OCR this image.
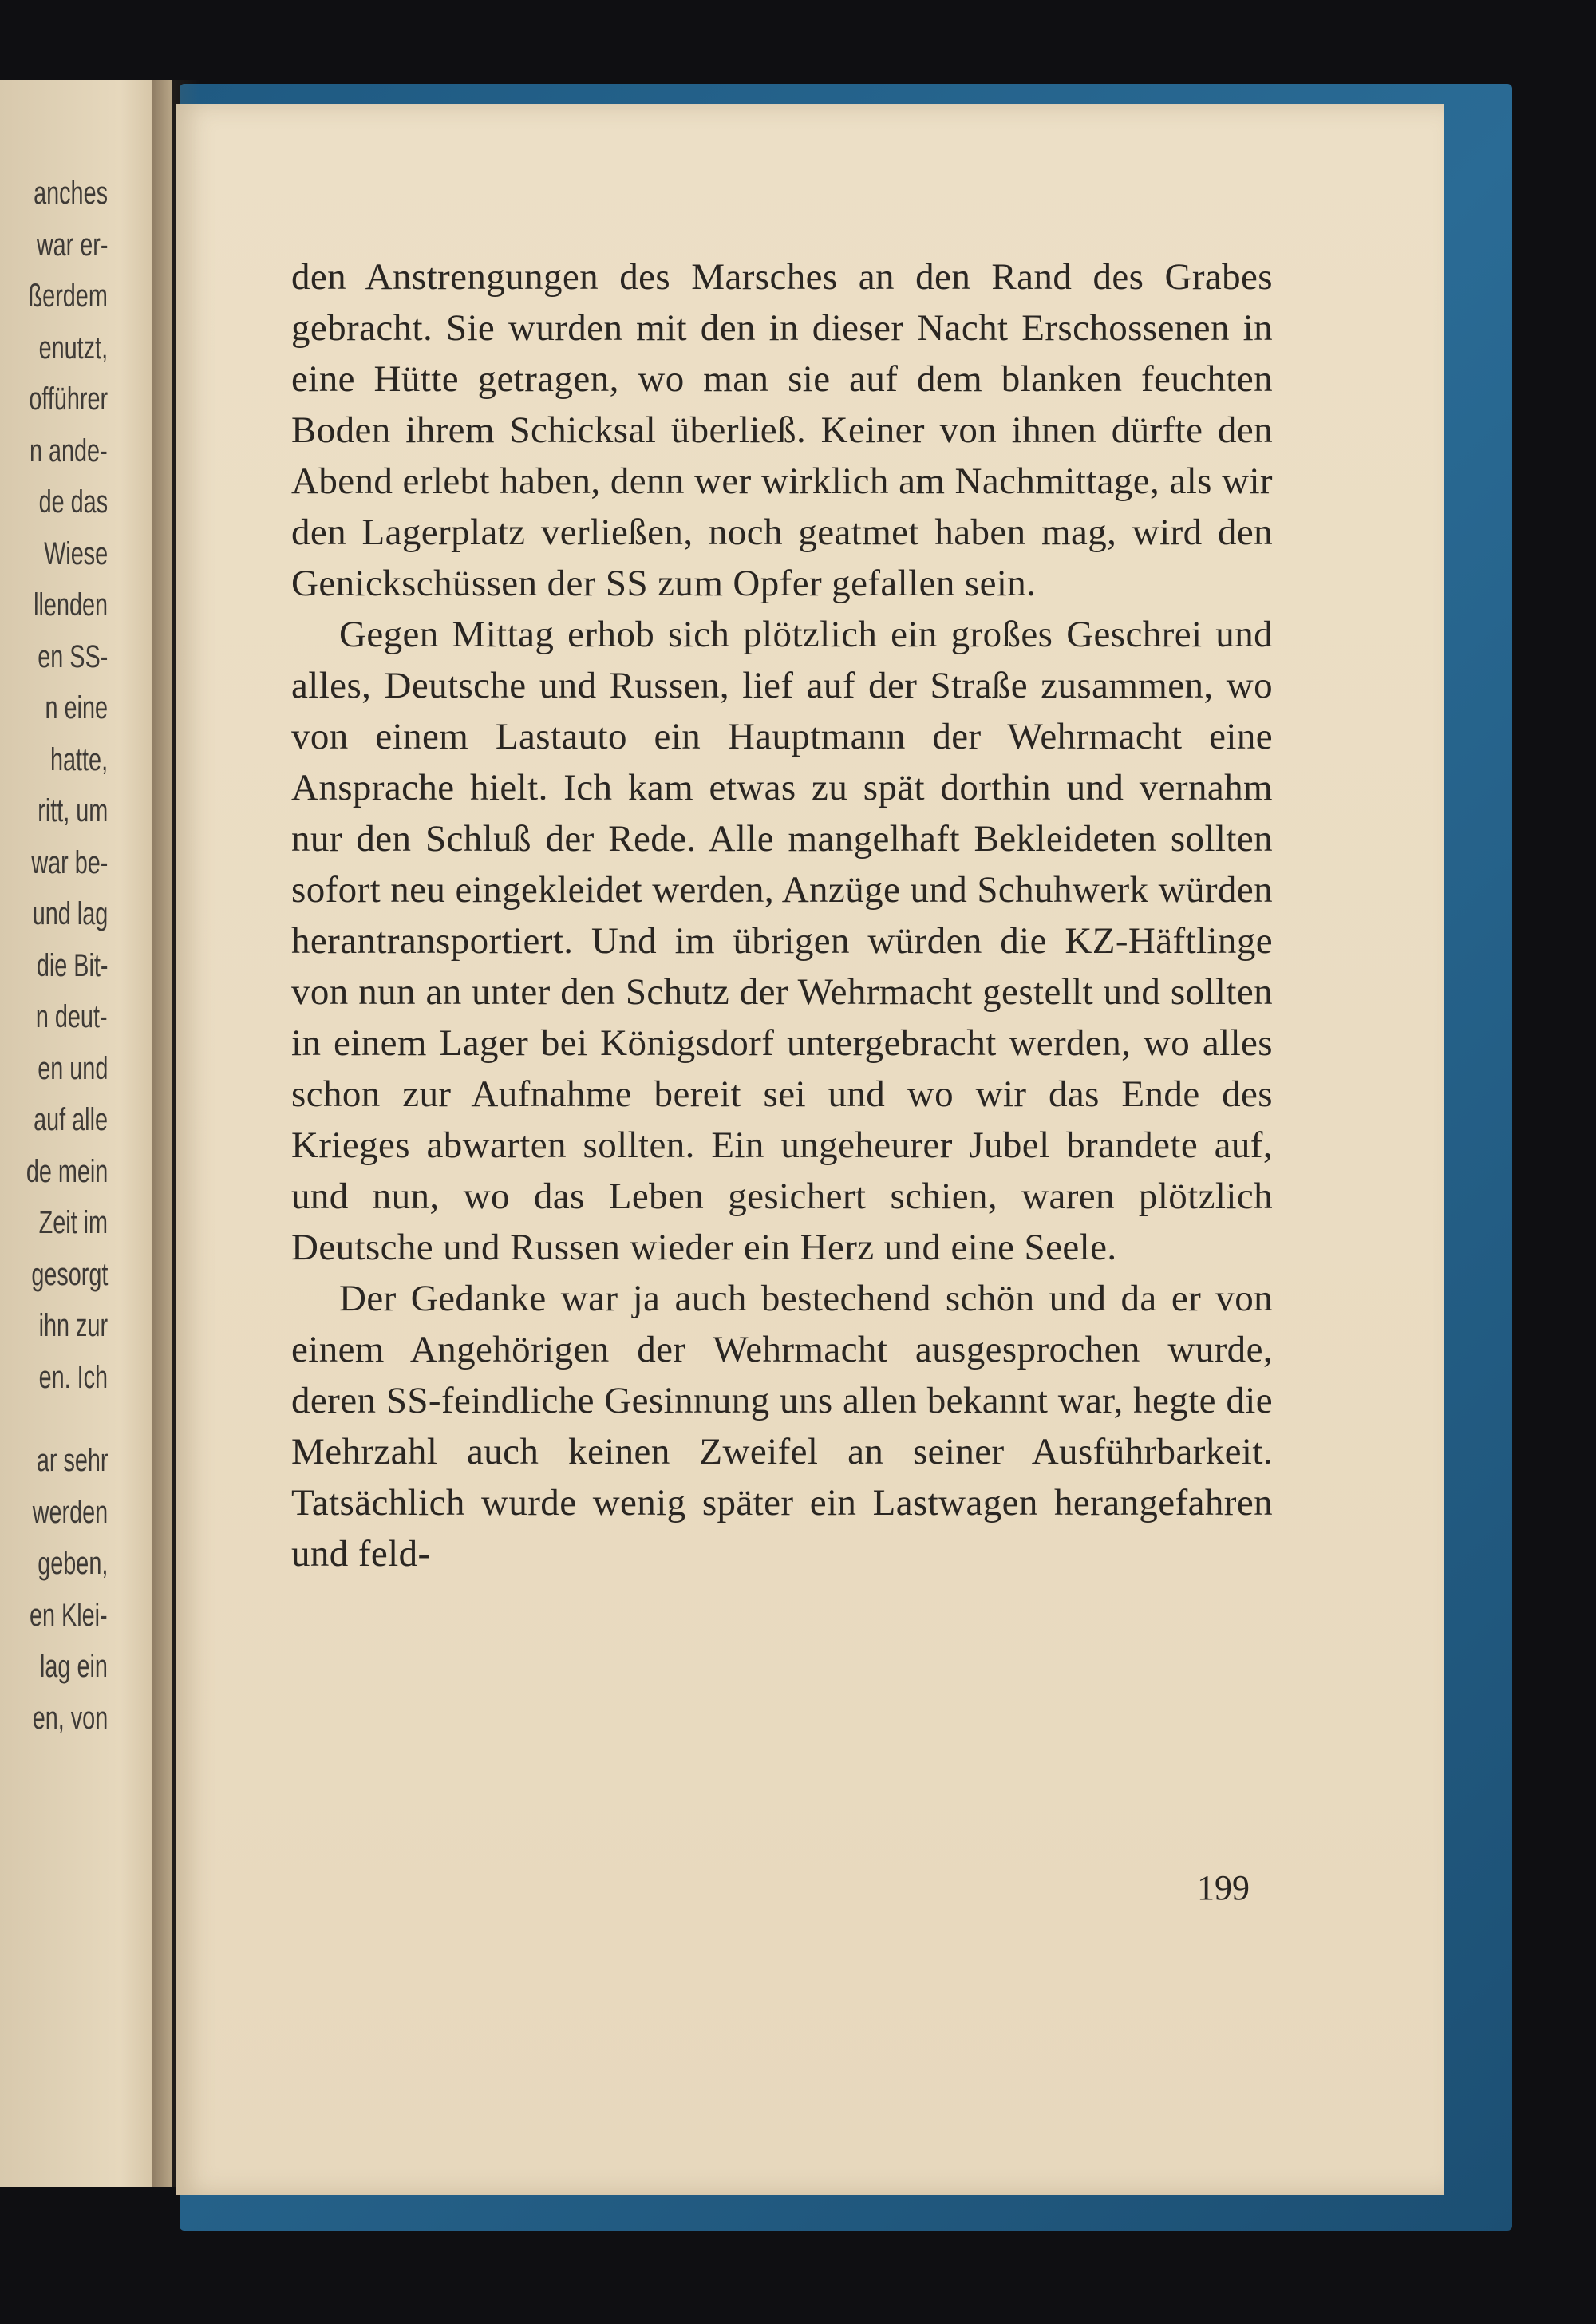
anches
war er-
ßerdem
enutzt,
offührer
n ande-
de das
Wiese
llenden
en SS-
n eine
hatte,
ritt, um
war be-
und lag
die Bit-
n deut-
en und
auf alle
de mein
Zeit im
gesorgt
ihn zur
en. Ich
ar sehr
werden
geben,
en Klei-
lag ein
en, von

den Anstrengungen des Marsches an den Rand des Grabes gebracht. Sie wurden mit den in dieser Nacht Erschossenen in eine Hütte getragen, wo man sie auf dem blanken feuchten Boden ihrem Schicksal überließ. Keiner von ihnen dürfte den Abend erlebt haben, denn wer wirklich am Nachmittage, als wir den Lagerplatz verließen, noch geatmet haben mag, wird den Genickschüssen der SS zum Opfer gefallen sein.

Gegen Mittag erhob sich plötzlich ein großes Geschrei und alles, Deutsche und Russen, lief auf der Straße zusammen, wo von einem Lastauto ein Hauptmann der Wehrmacht eine Ansprache hielt. Ich kam etwas zu spät dorthin und vernahm nur den Schluß der Rede. Alle mangelhaft Bekleideten sollten sofort neu eingekleidet werden, Anzüge und Schuhwerk würden herantransportiert. Und im übrigen würden die KZ-Häftlinge von nun an unter den Schutz der Wehrmacht gestellt und sollten in einem Lager bei Königsdorf untergebracht werden, wo alles schon zur Aufnahme bereit sei und wo wir das Ende des Krieges abwarten sollten. Ein ungeheurer Jubel brandete auf, und nun, wo das Leben gesichert schien, waren plötzlich Deutsche und Russen wieder ein Herz und eine Seele.

Der Gedanke war ja auch bestechend schön und da er von einem Angehörigen der Wehrmacht ausgesprochen wurde, deren SS-feindliche Gesinnung uns allen bekannt war, hegte die Mehrzahl auch keinen Zweifel an seiner Ausführbarkeit. Tatsächlich wurde wenig später ein Lastwagen herangefahren und feld-

199
